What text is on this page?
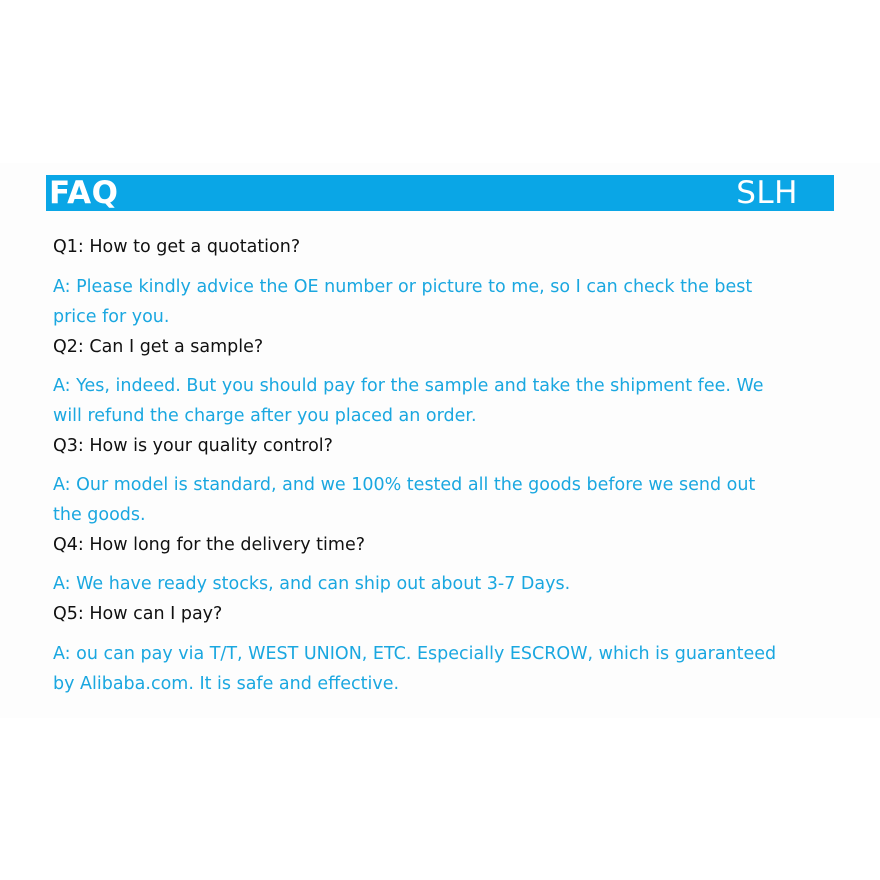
FAQ	SLH
Q1: How to get a quotation?
A: Please kindly advice the OE number or picture to me, so I can check the best
price for you.
Q2: Can I get a sample?
A: Yes, indeed. But you should pay for the sample and take the shipment fee. We
will refund the charge after you placed an order.
Q3: How is your quality control?
A: Our model is standard, and we 100% tested all the goods before we send out
the goods.
Q4: How long for the delivery time?
A: We have ready stocks, and can ship out about 3-7 Days.
Q5: How can I pay?
A: ou can pay via T/T, WEST UNION, ETC. Especially ESCROW, which is guaranteed
by Alibaba.com. It is safe and effective.
